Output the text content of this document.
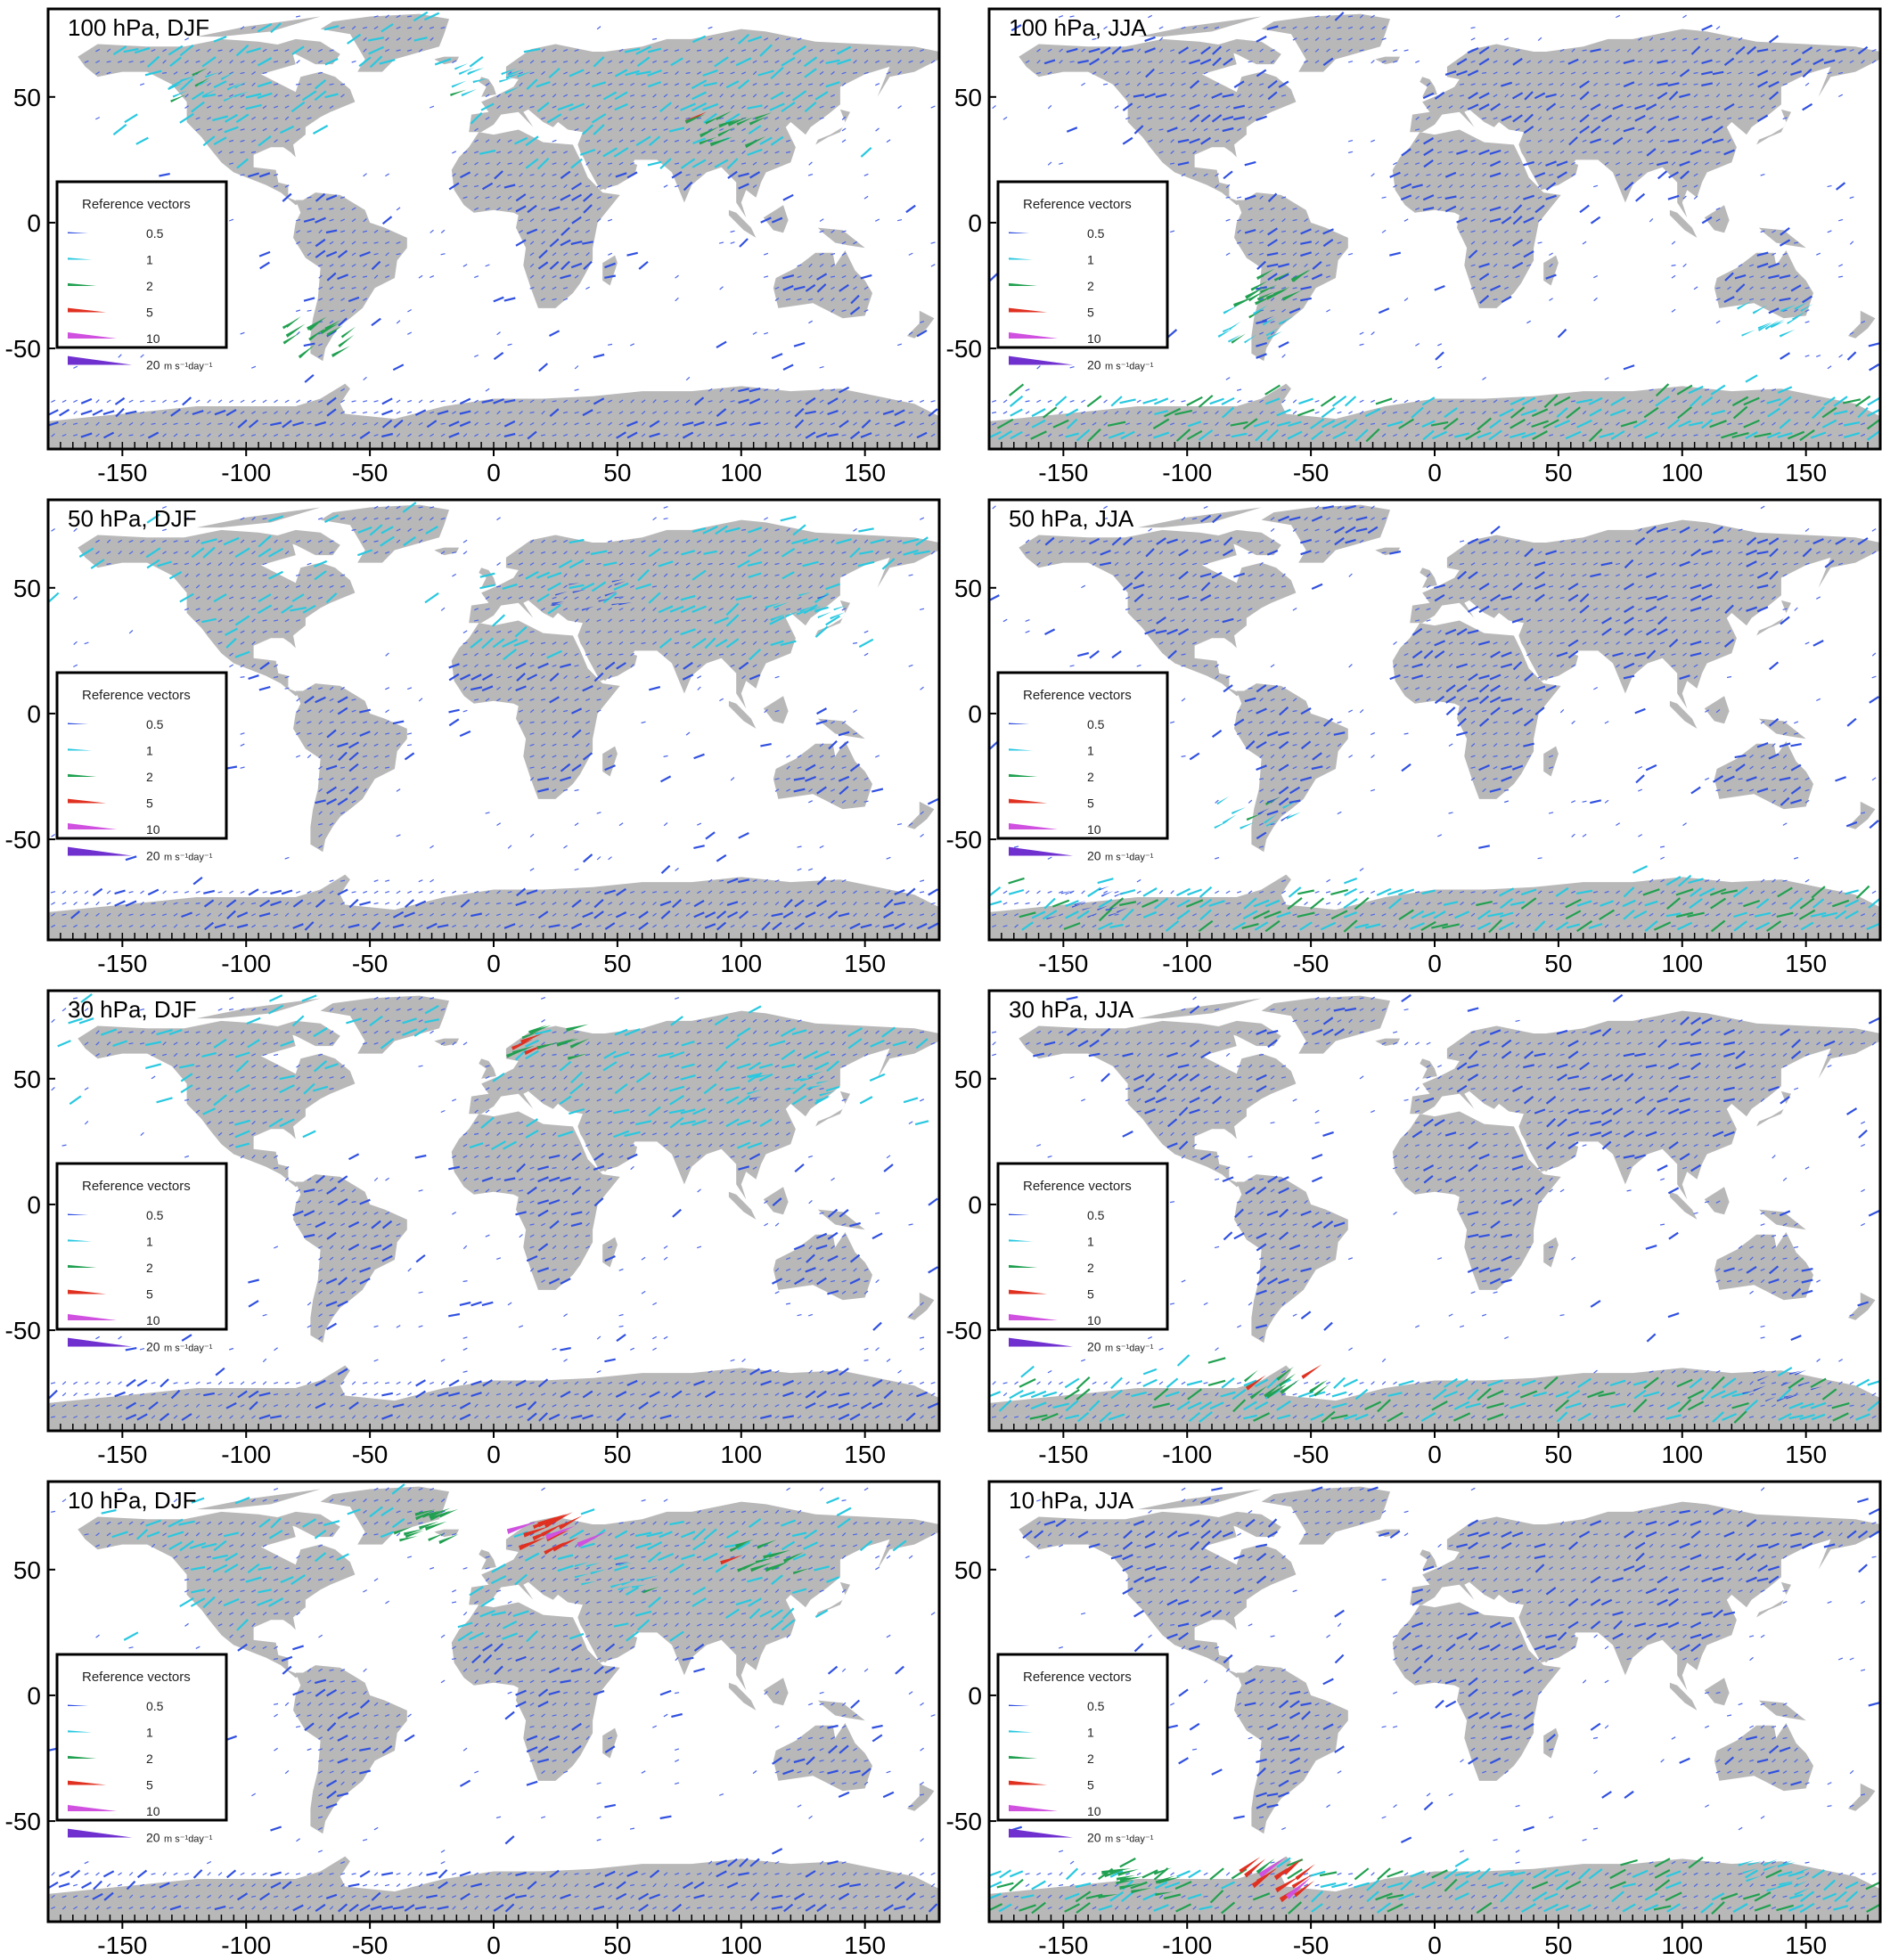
100 hPa, DJF
50
0
-50
-150	-100	-50	0	50	100	150
Reference vectors
0.5
1
2
5
10
20 m s⁻¹day⁻¹
100 hPa, JJA
50
0
-50
-150	-100	-50	0	50	100	150
Reference vectors
0.5
1
2
5
10
20 m s⁻¹day⁻¹
50 hPa, DJF
50
0
-50
-150	-100	-50	0	50	100	150
Reference vectors
0.5
1
2
5
10
20 m s⁻¹day⁻¹
50 hPa, JJA
50
0
-50
-150	-100	-50	0	50	100	150
Reference vectors
0.5
1
2
5
10
20 m s⁻¹day⁻¹
30 hPa, DJF
50
0
-50
-150	-100	-50	0	50	100	150
Reference vectors
0.5
1
2
5
10
20 m s⁻¹day⁻¹
30 hPa, JJA
50
0
-50
-150	-100	-50	0	50	100	150
Reference vectors
0.5
1
2
5
10
20 m s⁻¹day⁻¹
10 hPa, DJF
50
0
-50
-150	-100	-50	0	50	100	150
Reference vectors
0.5
1
2
5
10
20 m s⁻¹day⁻¹
10 hPa, JJA
50
0
-50
-150	-100	-50	0	50	100	150
Reference vectors
0.5
1
2
5
10
20 m s⁻¹day⁻¹
